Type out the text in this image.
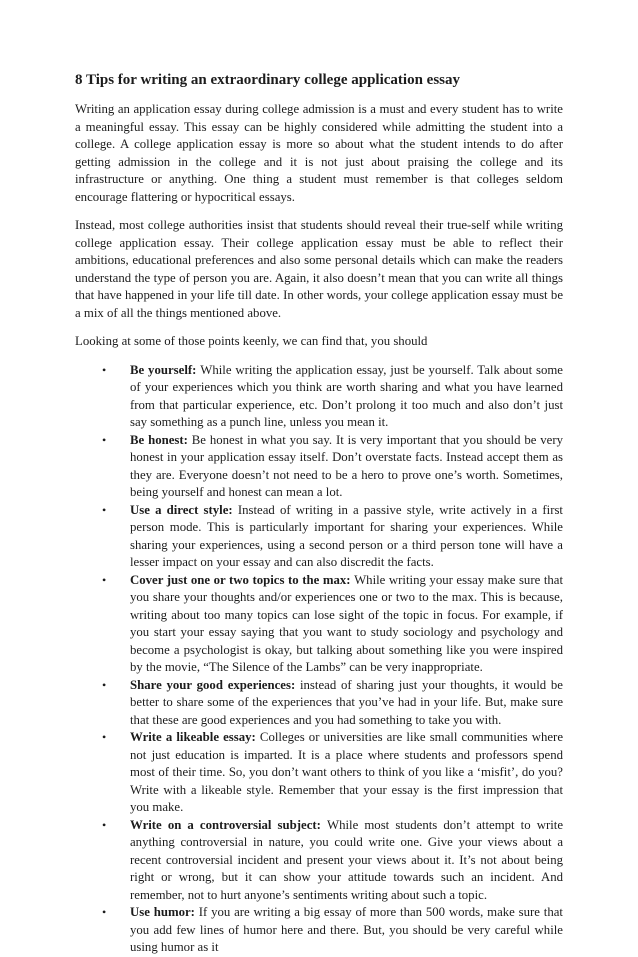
8 Tips for writing an extraordinary college application essay

Writing an application essay during college admission is a must and every student has to write a meaningful essay. This essay can be highly considered while admitting the student into a college. A college application essay is more so about what the student intends to do after getting admission in the college and it is not just about praising the college and its infrastructure or anything. One thing a student must remember is that colleges seldom encourage flattering or hypocritical essays.

Instead, most college authorities insist that students should reveal their true-self while writing college application essay. Their college application essay must be able to reflect their ambitions, educational preferences and also some personal details which can make the readers understand the type of person you are. Again, it also doesn’t mean that you can write all things that have happened in your life till date. In other words, your college application essay must be a mix of all the things mentioned above.

Looking at some of those points keenly, we can find that, you should

• Be yourself: While writing the application essay, just be yourself. Talk about some of your experiences which you think are worth sharing and what you have learned from that particular experience, etc. Don’t prolong it too much and also don’t just say something as a punch line, unless you mean it.
• Be honest: Be honest in what you say. It is very important that you should be very honest in your application essay itself. Don’t overstate facts. Instead accept them as they are. Everyone doesn’t not need to be a hero to prove one’s worth. Sometimes, being yourself and honest can mean a lot.
• Use a direct style: Instead of writing in a passive style, write actively in a first person mode. This is particularly important for sharing your experiences. While sharing your experiences, using a second person or a third person tone will have a lesser impact on your essay and can also discredit the facts.
• Cover just one or two topics to the max: While writing your essay make sure that you share your thoughts and/or experiences one or two to the max. This is because, writing about too many topics can lose sight of the topic in focus. For example, if you start your essay saying that you want to study sociology and psychology and become a psychologist is okay, but talking about something like you were inspired by the movie, “The Silence of the Lambs” can be very inappropriate.
• Share your good experiences: instead of sharing just your thoughts, it would be better to share some of the experiences that you’ve had in your life. But, make sure that these are good experiences and you had something to take you with.
• Write a likeable essay: Colleges or universities are like small communities where not just education is imparted. It is a place where students and professors spend most of their time. So, you don’t want others to think of you like a ‘misfit’, do you? Write with a likeable style. Remember that your essay is the first impression that you make.
• Write on a controversial subject: While most students don’t attempt to write anything controversial in nature, you could write one. Give your views about a recent controversial incident and present your views about it. It’s not about being right or wrong, but it can show your attitude towards such an incident. And remember, not to hurt anyone’s sentiments writing about such a topic.
• Use humor: If you are writing a big essay of more than 500 words, make sure that you add few lines of humor here and there. But, you should be very careful while using humor as it
